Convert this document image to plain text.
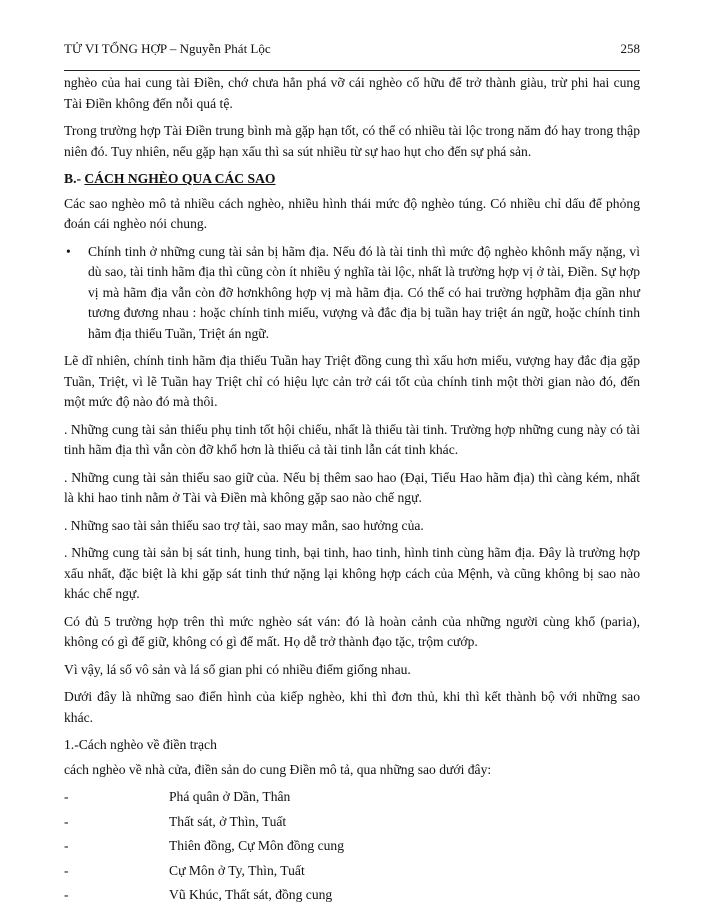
TỬ VI TỔNG HỢP – Nguyễn Phát Lộc	258

nghèo của hai cung tài Điền, chớ chưa hẳn phá vỡ cái nghèo cố hữu để trở thành giàu, trừ phi hai cung Tài Điền không đến nỗi quá tệ.

Trong trường hợp Tài Điền trung bình mà gặp hạn tốt, có thể có nhiều tài lộc trong năm đó hay trong thập niên đó. Tuy nhiên, nếu gặp hạn xấu thì sa sút nhiều từ sự hao hụt cho đến sự phá sản.

B.- CÁCH NGHÈO QUA CÁC SAO

Các sao nghèo mô tả nhiều cách nghèo, nhiều hình thái mức độ nghèo túng. Có nhiều chỉ dấu để phỏng đoán cái nghèo nói chung.

• Chính tinh ở những cung tài sản bị hãm địa. Nếu đó là tài tinh thì mức độ nghèo khônh mấy nặng, vì dù sao, tài tinh hãm địa thì cũng còn ít nhiều ý nghĩa tài lộc, nhất là trường hợp vị ở tài, Điền. Sự hợp vị mà hãm địa vẫn còn đỡ hơnkhông hợp vị mà hãm địa. Có thể có hai trường hợphãm địa gần như tương đương nhau : hoặc chính tinh miếu, vượng và đắc địa bị tuần hay triệt án ngữ, hoặc chính tinh hãm địa thiếu Tuần, Triệt án ngữ.

Lẽ dĩ nhiên, chính tinh hãm địa thiếu Tuần hay Triệt đồng cung thì xấu hơn miếu, vượng hay đắc địa gặp Tuần, Triệt, vì lẽ Tuần hay Triệt chỉ có hiệu lực cản trở cái tốt của chính tinh một thời gian nào đó, đến một mức độ nào đó mà thôi.

. Những cung tài sản thiếu phụ tinh tốt hội chiếu, nhất là thiếu tài tinh. Trường hợp những cung này có tài tinh hãm địa thì vẫn còn đỡ khổ hơn là thiếu cả tài tinh lẫn cát tinh khác.

. Những cung tài sản thiếu sao giữ của. Nếu bị thêm sao hao (Đại, Tiểu Hao hãm địa) thì càng kém, nhất là khi hao tinh nằm ở Tài và Điền mà không gặp sao nào chế ngự.

. Những sao tài sản thiếu sao trợ tài, sao may mắn, sao hưởng của.

. Những cung tài sản bị sát tinh, hung tinh, bại tinh, hao tinh, hình tinh cùng hãm địa. Đây là trường hợp xấu nhất, đặc biệt là khi gặp sát tinh thứ nặng lại không hợp cách của Mệnh, và cũng không bị sao nào khác chế ngự.

Có đủ 5 trường hợp trên thì mức nghèo sát ván: đó là hoàn cảnh của những người cùng khổ (paria), không có gì để giữ, không có gì để mất. Họ dễ trở thành đạo tặc, trộm cướp.

Vì vậy, lá số vô sản và lá số gian phi có nhiều điểm giống nhau.

Dưới đây là những sao điển hình của kiếp nghèo, khi thì đơn thủ, khi thì kết thành bộ với những sao khác.

1.-Cách nghèo về điền trạch

cách nghèo về nhà cửa, điền sản do cung Điền mô tả, qua những sao dưới đây:

-	Phá quân ở Dần, Thân
-	Thất sát, ở Thìn, Tuất
-	Thiên đồng, Cự Môn đồng cung
-	Cự Môn ở Ty, Thìn, Tuất
-	Vũ Khúc, Thất sát, đồng cung
